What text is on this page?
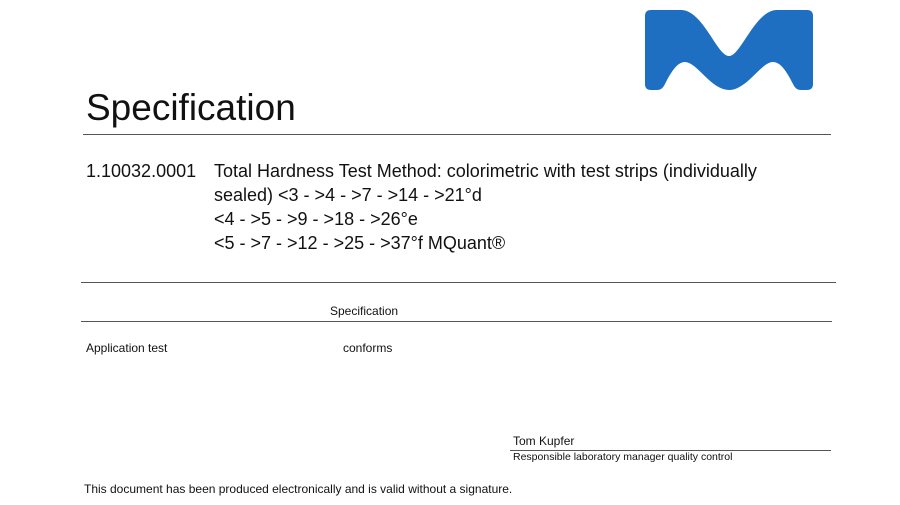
Specification
1.10032.0001 Total Hardness Test Method: colorimetric with test strips (individually
sealed) <3 - >4 - >7 - >14 - >21°d
<4 - >5 - >9 - >18 - >26°e
<5 - >7 - >12 - >25 - >37°f MQuant®
Specification
Application test	conforms
Tom Kupfer
Responsible laboratory manager quality control
This document has been produced electronically and is valid without a signature.
